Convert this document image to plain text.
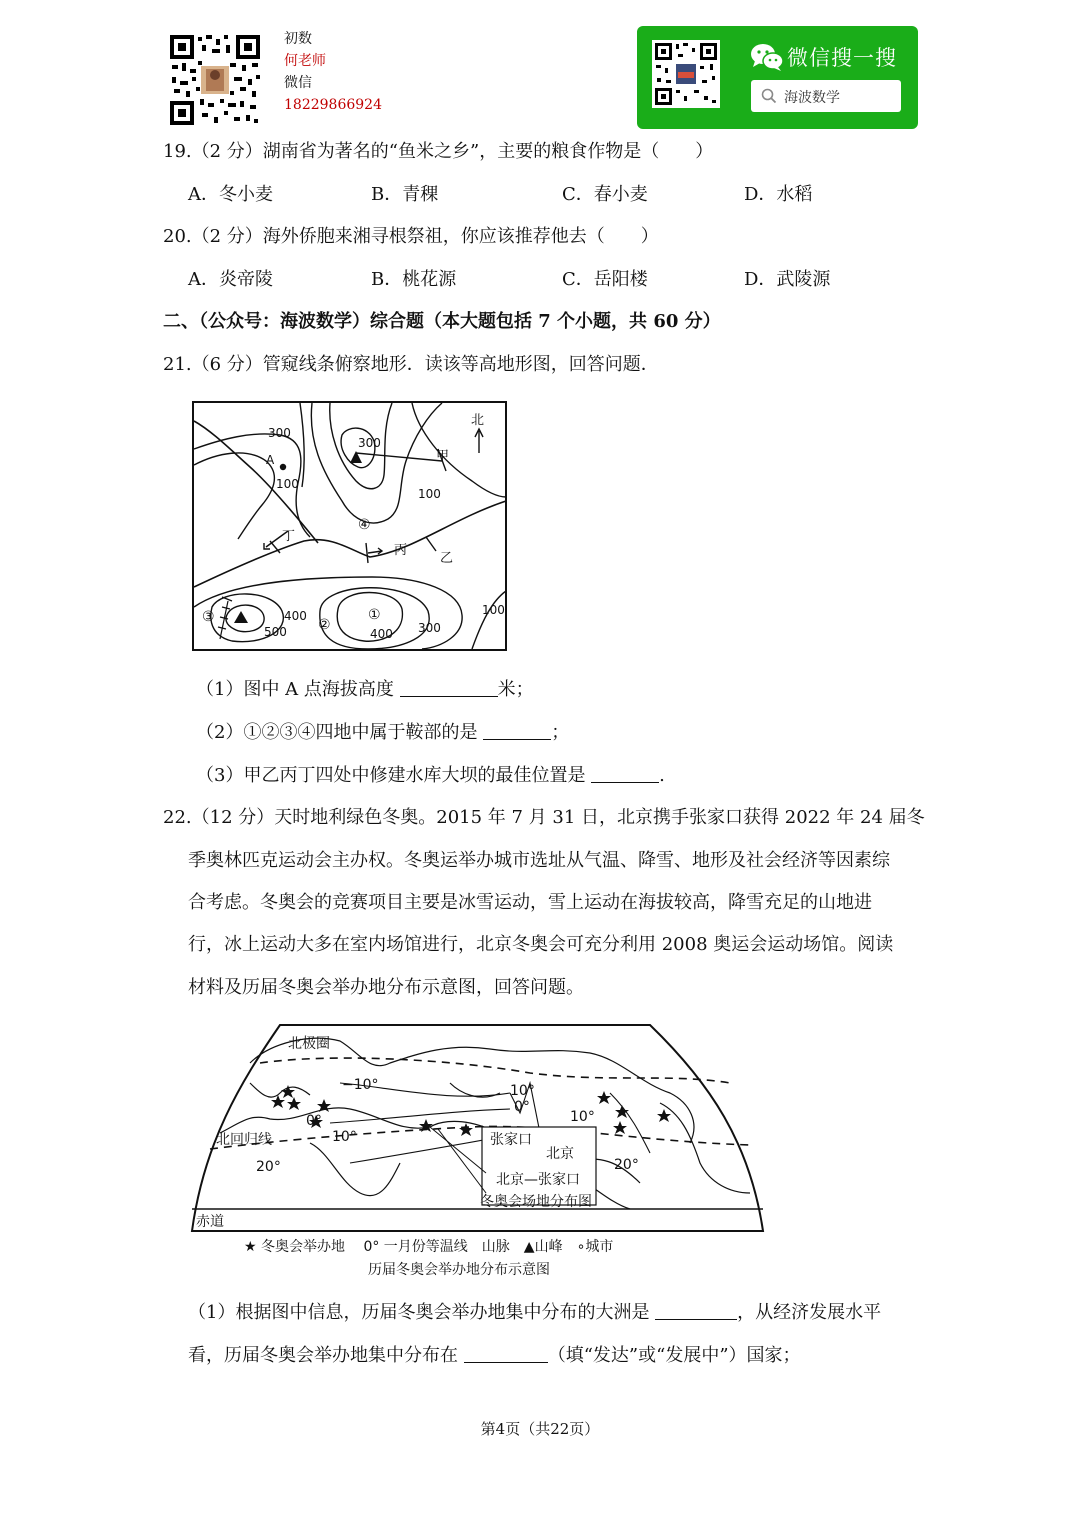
初数
何老师
微信
18229866924
微信搜一搜
海波数学
19.（2 分）湖南省为著名的“鱼米之乡”，主要的粮食作物是（　　）
A．冬小麦	B．青稞	C．春小麦	D．水稻
20.（2 分）海外侨胞来湘寻根祭祖，你应该推荐他去（　　）
A．炎帝陵	B．桃花源	C．岳阳楼	D．武陵源
二、（公众号：海波数学）综合题（本大题包括 7 个小题，共 60 分）
21.（6 分）管窥线条俯察地形．读该等高地形图，回答问题．
北
300
300
A
100
甲
100
④
丁
丙
乙
③	400
500 ②
①
400 300
100
（1）图中 A 点海拔高度	米；
（2）①②③④四地中属于鞍部的是	；
（3）甲乙丙丁四处中修建水库大坝的最佳位置是	.
22.（12 分）天时地利绿色冬奥。2015 年 7 月 31 日，北京携手张家口获得 2022 年 24 届冬
季奥林匹克运动会主办权。冬奥运举办城市选址从气温、降雪、地形及社会经济等因素综
合考虑。冬奥会的竞赛项目主要是冰雪运动，雪上运动在海拔较高，降雪充足的山地进
行，冰上运动大多在室内场馆进行，北京冬奥会可充分利用 2008 奥运会运动场馆。阅读
材料及历届冬奥会举办地分布示意图，回答问题。
北极圈
−10°	10°
0°
10°
0°
10°
北回归线
20°	20°
赤道
张家口
北京
北京—张家口
冬奥会场地分布图
★ 冬奥会举办地　 0° 一月份等温线　山脉　▲山峰　∘城市
历届冬奥会举办地分布示意图
（1）根据图中信息，历届冬奥会举办地集中分布的大洲是	，从经济发展水平
看，历届冬奥会举办地集中分布在	（填“发达”或“发展中”）国家；
第4页（共22页）
